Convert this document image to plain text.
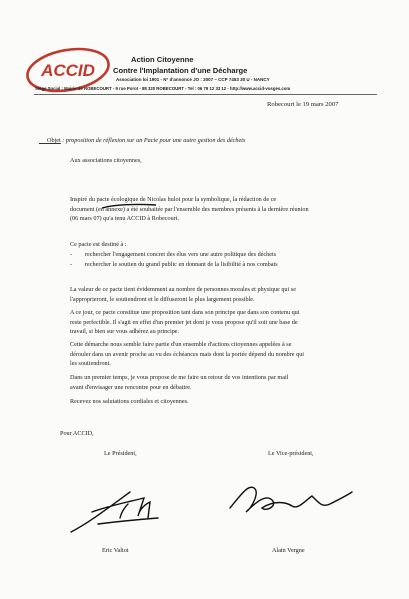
ACCID
Action Citoyenne
Contre l'Implantation d'une Décharge
Association loi 1901 - N° d'annonce JO : 2007 – CCP 7453 30 U - NANCY
Siège Social : Mairie de ROBECOURT - 9 rue Porot - 88 320 ROBECOURT - Tel : 06 79 12 33 12 - http://www.accid-vosges.com
Robecourt le 19 mars 2007
Objet : proposition de réflexion sur un Pacte pour une autre gestion des déchets
Aux associations citoyennes,
Inspiré du pacte écologique de Nicolas hulot pour la symbolique, la rédaction de ce
document (en annexe) a été souhaitée par l'ensemble des membres présents à la dernière réunion
(06 mars 07) qu'a tenu ACCID à Robecourt.
Ce pacte est destiné à :
- rechercher l'engagement concret des élus vers une autre politique des déchets
- rechercher le soutien du grand public en donnant de la lisibilité à nos combats
La valeur de ce pacte tient évidemment au nombre de personnes morales et physique qui se
l'approprieront, le soutiendront et le diffuseront le plus largement possible.
A ce jour, ce pacte constitue une proposition tant dans son principe que dans son contenu qui
reste perfectible. Il s'agit en effet d'un premier jet dont je vous propose qu'il soit une base de
travail, si bien sur vous adhérez au principe.
Cette démarche nous semble faire partie d'un ensemble d'actions citoyennes appelées à se
dérouler dans un avenir proche au vu des échéances mais dont la portée dépend du nombre qui
les soutiendront.
Dans un premier temps, je vous propose de me faire un retour de vos intentions par mail
avant d'envisager une rencontre pour en débattre.
Recevez nos salutations cordiales et citoyennes.
Pour ACCID,
Le Président,	Le Vice-président,
Eric Valtot	Alain Vergne
